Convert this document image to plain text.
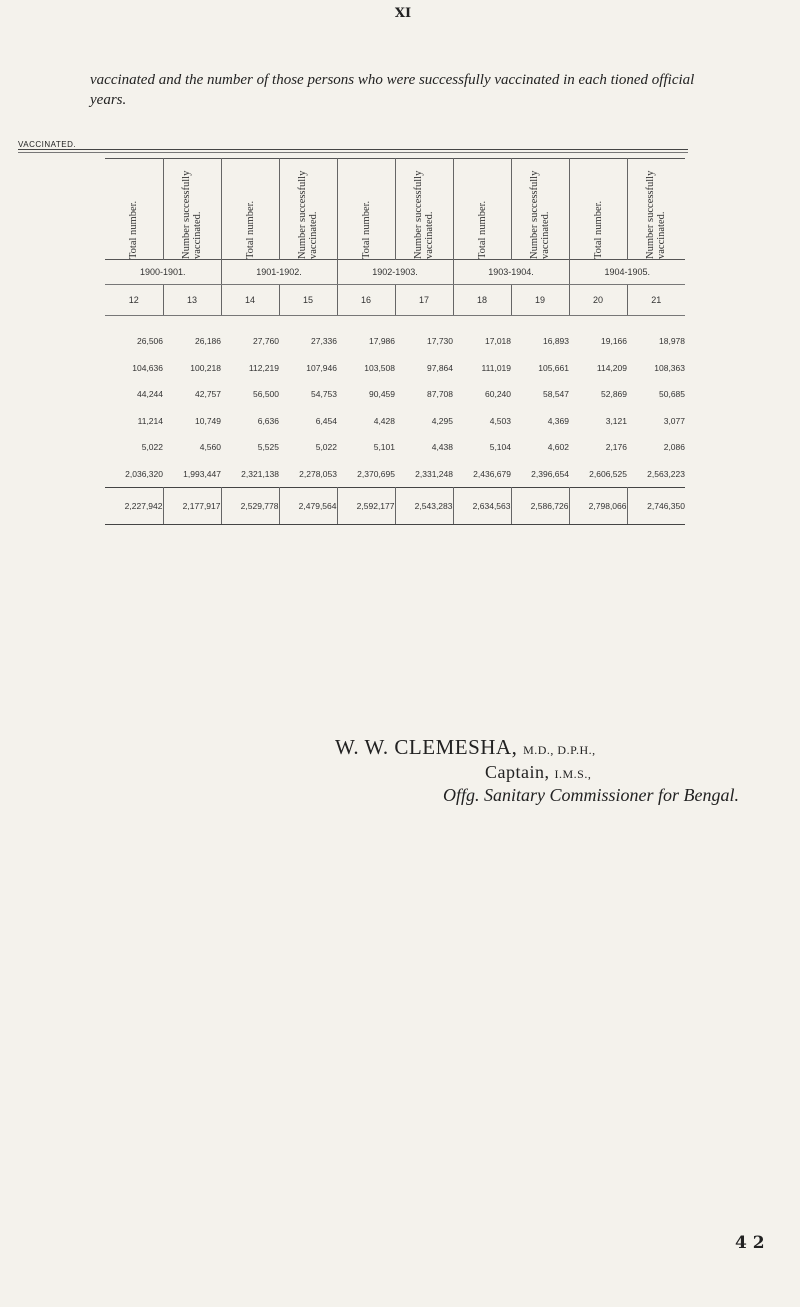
XI
vaccinated and the number of those persons who were successfully vaccinated in each tioned official years.
VACCINATED.
Total number.	Number successfully vaccinated.	Total number.	Number successfully vaccinated.	Total number.	Number successfully vaccinated.	Total number.	Number successfully vaccinated.	Total number.	Number successfully vaccinated.

1900-1901.		1901-1902.		1902-1903.		1903-1904.		1904-1905.	
12	13	14	15	16	17	18	19	20	21
26,506	26,186	27,760	27,336	17,986	17,730	17,018	16,893	19,166	18,978
104,636	100,218	112,219	107,946	103,508	97,864	111,019	105,661	114,209	108,363
44,244	42,757	56,500	54,753	90,459	87,708	60,240	58,547	52,869	50,685
11,214	10,749	6,636	6,454	4,428	4,295	4,503	4,369	3,121	3,077
5,022	4,560	5,525	5,022	5,101	4,438	5,104	4,602	2,176	2,086
2,036,320	1,993,447	2,321,138	2,278,053	2,370,695	2,331,248	2,436,679	2,396,654	2,606,525	2,563,223
2,227,942	2,177,917	2,529,778	2,479,564	2,592,177	2,543,283	2,634,563	2,586,726	2,798,066	2,746,350
W. W. CLEMESHA, M.D., D.P.H.,
Captain, I.M.S.,
Offg. Sanitary Commissioner for Bengal.
4 2
